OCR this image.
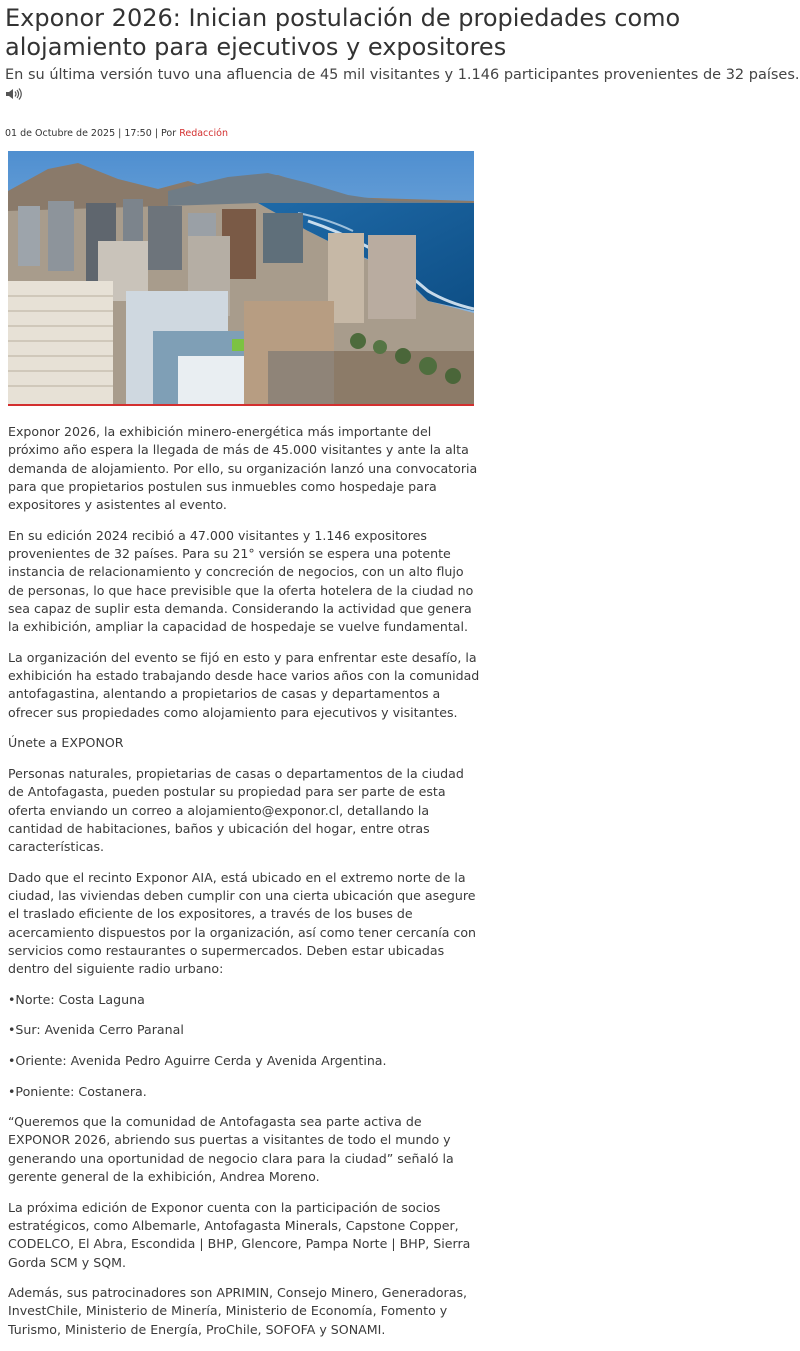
Exponor 2026: Inician postulación de propiedades como alojamiento para ejecutivos y expositores

En su última versión tuvo una afluencia de 45 mil visitantes y 1.146 participantes provenientes de 32 países.

01 de Octubre de 2025 | 17:50 | Por Redacción

Exponor 2026, la exhibición minero-energética más importante del próximo año espera la llegada de más de 45.000 visitantes y ante la alta demanda de alojamiento. Por ello, su organización lanzó una convocatoria para que propietarios postulen sus inmuebles como hospedaje para expositores y asistentes al evento.

En su edición 2024 recibió a 47.000 visitantes y 1.146 expositores provenientes de 32 países. Para su 21° versión se espera una potente instancia de relacionamiento y concreción de negocios, con un alto flujo de personas, lo que hace previsible que la oferta hotelera de la ciudad no sea capaz de suplir esta demanda. Considerando la actividad que genera la exhibición, ampliar la capacidad de hospedaje se vuelve fundamental.

La organización del evento se fijó en esto y para enfrentar este desafío, la exhibición ha estado trabajando desde hace varios años con la comunidad antofagastina, alentando a propietarios de casas y departamentos a ofrecer sus propiedades como alojamiento para ejecutivos y visitantes.

Únete a EXPONOR

Personas naturales, propietarias de casas o departamentos de la ciudad de Antofagasta, pueden postular su propiedad para ser parte de esta oferta enviando un correo a alojamiento@exponor.cl, detallando la cantidad de habitaciones, baños y ubicación del hogar, entre otras características.

Dado que el recinto Exponor AIA, está ubicado en el extremo norte de la ciudad, las viviendas deben cumplir con una cierta ubicación que asegure el traslado eficiente de los expositores, a través de los buses de acercamiento dispuestos por la organización, así como tener cercanía con servicios como restaurantes o supermercados. Deben estar ubicadas dentro del siguiente radio urbano:

•Norte: Costa Laguna

•Sur: Avenida Cerro Paranal

•Oriente: Avenida Pedro Aguirre Cerda y Avenida Argentina.

•Poniente: Costanera.

“Queremos que la comunidad de Antofagasta sea parte activa de EXPONOR 2026, abriendo sus puertas a visitantes de todo el mundo y generando una oportunidad de negocio clara para la ciudad” señaló la gerente general de la exhibición, Andrea Moreno.

La próxima edición de Exponor cuenta con la participación de socios estratégicos, como Albemarle, Antofagasta Minerals, Capstone Copper, CODELCO, El Abra, Escondida | BHP, Glencore, Pampa Norte | BHP, Sierra Gorda SCM y SQM.

Además, sus patrocinadores son APRIMIN, Consejo Minero, Generadoras, InvestChile, Ministerio de Minería, Ministerio de Economía, Fomento y Turismo, Ministerio de Energía, ProChile, SOFOFA y SONAMI.
